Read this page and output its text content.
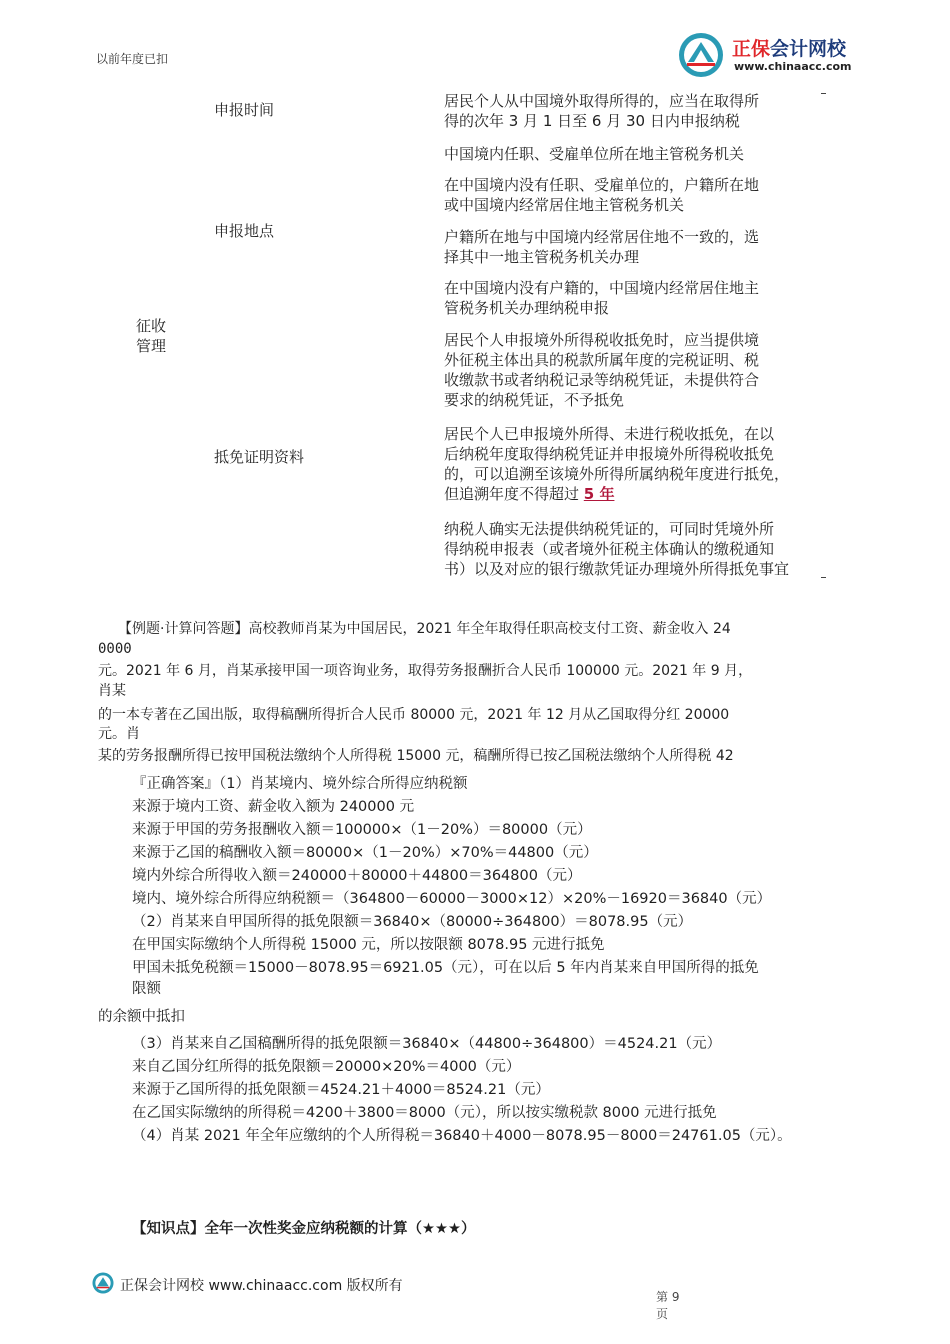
以前年度已扣	正保会计网校
www.chinaacc.com
征收
管理
申报时间	居民个人从中国境外取得所得的，应当在取得所
得的次年 3 月 1 日至 6 月 30 日内申报纳税
中国境内任职、受雇单位所在地主管税务机关
申报地点
在中国境内没有任职、受雇单位的，户籍所在地
或中国境内经常居住地主管税务机关
户籍所在地与中国境内经常居住地不一致的，选
择其中一地主管税务机关办理
在中国境内没有户籍的，中国境内经常居住地主
管税务机关办理纳税申报
抵免证明资料
居民个人申报境外所得税收抵免时，应当提供境
外征税主体出具的税款所属年度的完税证明、税
收缴款书或者纳税记录等纳税凭证，未提供符合
要求的纳税凭证，不予抵免
居民个人已申报境外所得、未进行税收抵免，在以
后纳税年度取得纳税凭证并申报境外所得税收抵免
的，可以追溯至该境外所得所属纳税年度进行抵免，
但追溯年度不得超过 5 年
纳税人确实无法提供纳税凭证的，可同时凭境外所
得纳税申报表（或者境外征税主体确认的缴税通知
书）以及对应的银行缴款凭证办理境外所得抵免事宜
【例题·计算问答题】高校教师肖某为中国居民，2021 年全年取得任职高校支付工资、薪金收入 24
0000
元。2021 年 6 月，肖某承接甲国一项咨询业务，取得劳务报酬折合人民币 100000 元。2021 年 9 月，
肖某
的一本专著在乙国出版，取得稿酬所得折合人民币 80000 元，2021 年 12 月从乙国取得分红 20000
元。肖
某的劳务报酬所得已按甲国税法缴纳个人所得税 15000 元，稿酬所得已按乙国税法缴纳个人所得税 42
『正确答案』（1）肖某境内、境外综合所得应纳税额
来源于境内工资、薪金收入额为 240000 元
来源于甲国的劳务报酬收入额＝100000×（1－20%）＝80000（元）
来源于乙国的稿酬收入额＝80000×（1－20%）×70%＝44800（元）
境内外综合所得收入额＝240000＋80000＋44800＝364800（元）
境内、境外综合所得应纳税额＝（364800－60000－3000×12）×20%－16920＝36840（元）
（2）肖某来自甲国所得的抵免限额＝36840×（80000÷364800）＝8078.95（元）
在甲国实际缴纳个人所得税 15000 元，所以按限额 8078.95 元进行抵免
甲国未抵免税额＝15000－8078.95＝6921.05（元），可在以后 5 年内肖某来自甲国所得的抵免
限额
的余额中抵扣
（3）肖某来自乙国稿酬所得的抵免限额＝36840×（44800÷364800）＝4524.21（元）
来自乙国分红所得的抵免限额＝20000×20%＝4000（元）
来源于乙国所得的抵免限额＝4524.21＋4000＝8524.21（元）
在乙国实际缴纳的所得税＝4200＋3800＝8000（元），所以按实缴税款 8000 元进行抵免
（4）肖某 2021 年全年应缴纳的个人所得税＝36840＋4000－8078.95－8000＝24761.05（元）。
【知识点】全年一次性奖金应纳税额的计算（★★★）
正保会计网校 www.chinaacc.com 版权所有
第 9 页
